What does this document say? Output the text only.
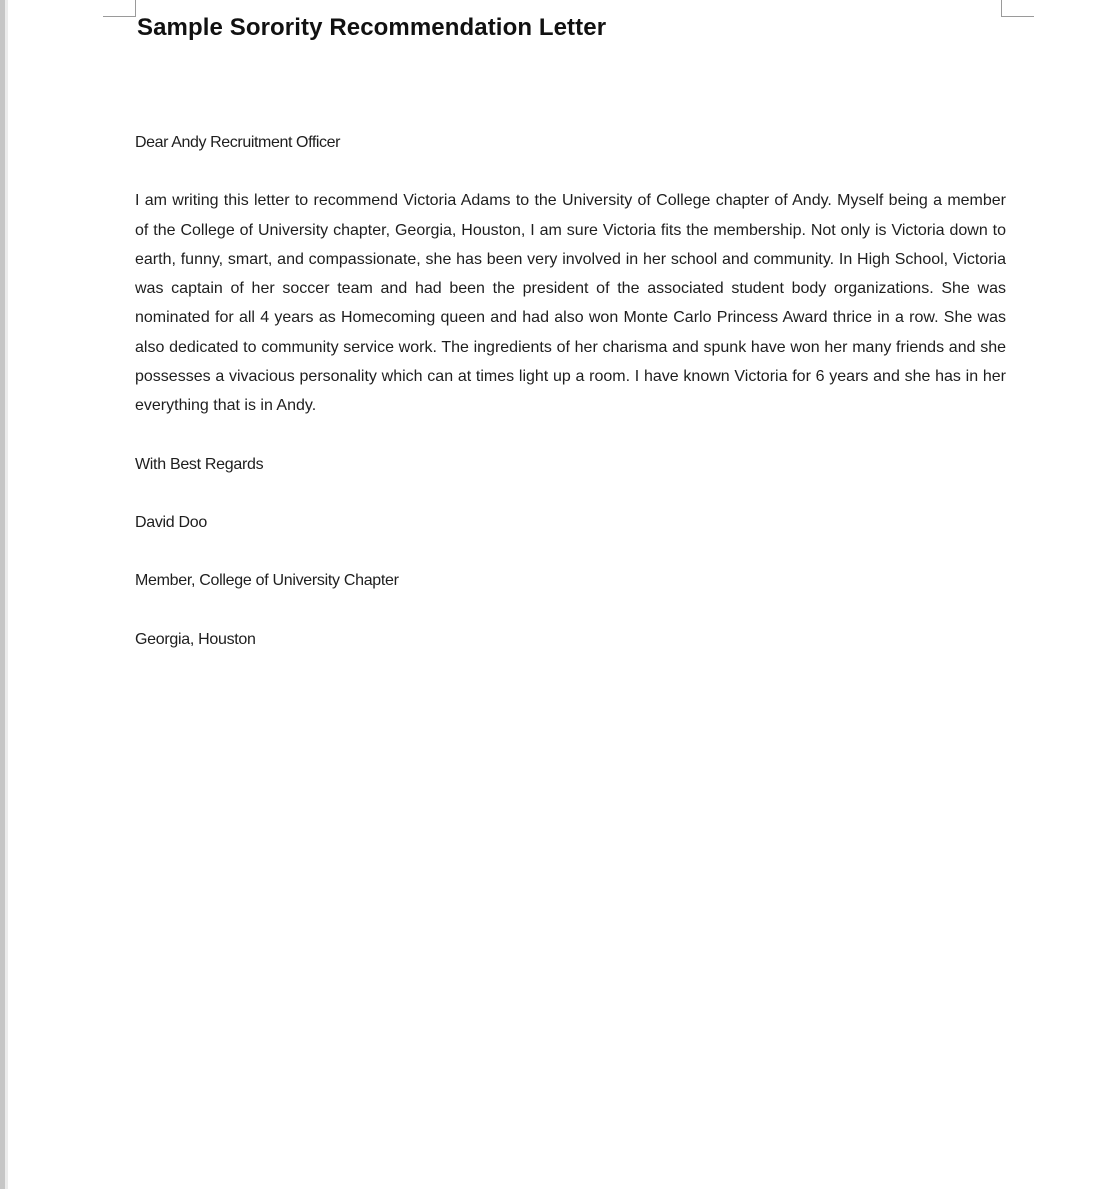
Sample Sorority Recommendation Letter

Dear Andy Recruitment Officer

I am writing this letter to recommend Victoria Adams to the University of College chapter of Andy. Myself being a member of the College of University chapter, Georgia, Houston, I am sure Victoria fits the membership. Not only is Victoria down to earth, funny, smart, and compassionate, she has been very involved in her school and community. In High School, Victoria was captain of her soccer team and had been the president of the associated student body organizations. She was nominated for all 4 years as Homecoming queen and had also won Monte Carlo Princess Award thrice in a row. She was also dedicated to community service work. The ingredients of her charisma and spunk have won her many friends and she possesses a vivacious personality which can at times light up a room. I have known Victoria for 6 years and she has in her everything that is in Andy.

With Best Regards

David Doo

Member, College of University Chapter

Georgia, Houston
